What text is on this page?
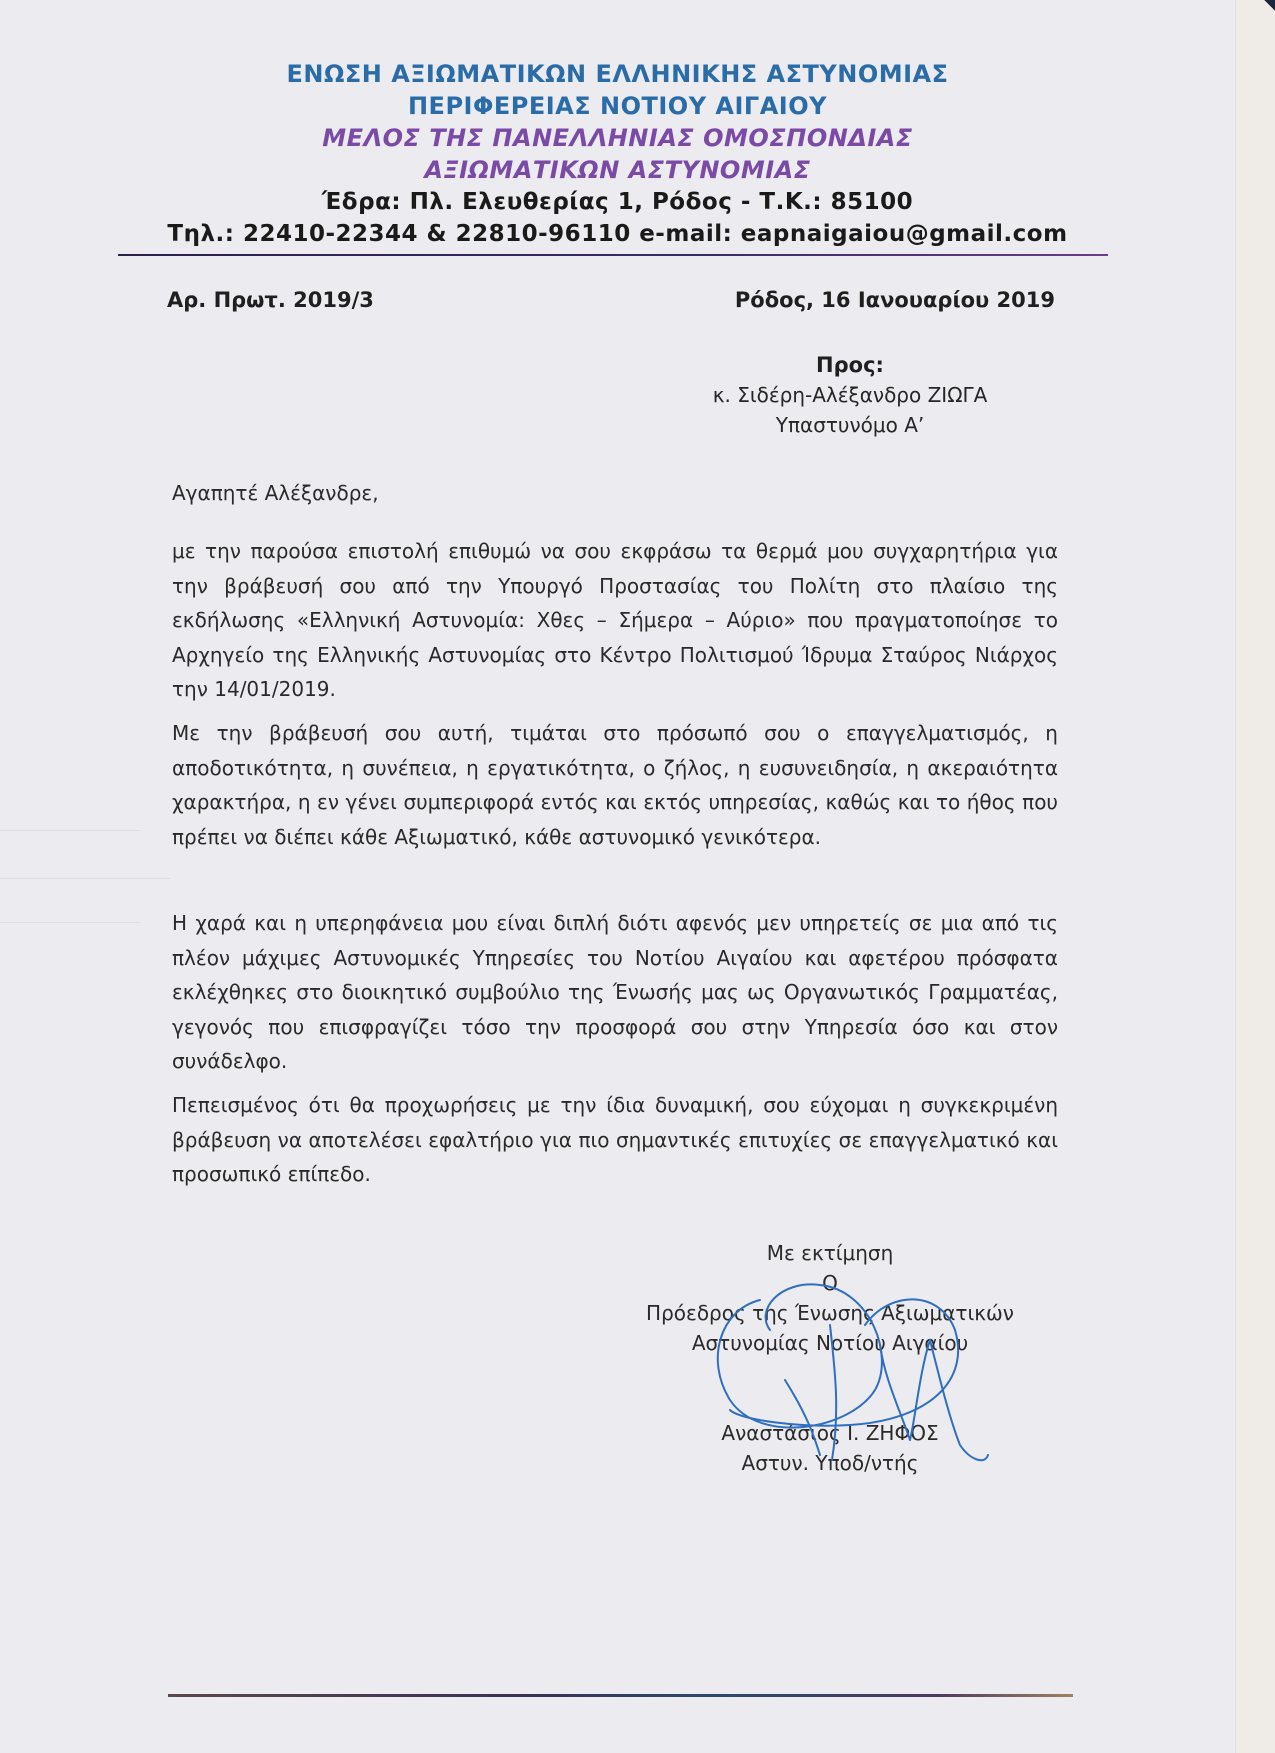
ΕΝΩΣΗ ΑΞΙΩΜΑΤΙΚΩΝ ΕΛΛΗΝΙΚΗΣ ΑΣΤΥΝΟΜΙΑΣ
ΠΕΡΙΦΕΡΕΙΑΣ ΝΟΤΙΟΥ ΑΙΓΑΙΟΥ
ΜΕΛΟΣ ΤΗΣ ΠΑΝΕΛΛΗΝΙΑΣ ΟΜΟΣΠΟΝΔΙΑΣ
ΑΞΙΩΜΑΤΙΚΩΝ ΑΣΤΥΝΟΜΙΑΣ
Έδρα: Πλ. Ελευθερίας 1, Ρόδος - Τ.Κ.: 85100
Τηλ.: 22410-22344 & 22810-96110 e-mail: eapnaigaiou@gmail.com
Αρ. Πρωτ. 2019/3	Ρόδος, 16 Ιανουαρίου 2019
Προς:
κ. Σιδέρη-Αλέξανδρο ΖΙΩΓΑ
Υπαστυνόμο Α’
Αγαπητέ Αλέξανδρε,
με την παρούσα επιστολή επιθυμώ να σου εκφράσω τα θερμά μου συγχαρητήρια για την βράβευσή σου από την Υπουργό Προστασίας του Πολίτη στο πλαίσιο της εκδήλωσης «Ελληνική Αστυνομία: Χθες – Σήμερα – Αύριο» που πραγματοποίησε το Αρχηγείο της Ελληνικής Αστυνομίας στο Κέντρο Πολιτισμού Ίδρυμα Σταύρος Νιάρχος την 14/01/2019.
Με την βράβευσή σου αυτή, τιμάται στο πρόσωπό σου ο επαγγελματισμός, η αποδοτικότητα, η συνέπεια, η εργατικότητα, ο ζήλος, η ευσυνειδησία, η ακεραιότητα χαρακτήρα, η εν γένει συμπεριφορά εντός και εκτός υπηρεσίας, καθώς και το ήθος που πρέπει να διέπει κάθε Αξιωματικό, κάθε αστυνομικό γενικότερα.
Η χαρά και η υπερηφάνεια μου είναι διπλή διότι αφενός μεν υπηρετείς σε μια από τις πλέον μάχιμες Αστυνομικές Υπηρεσίες του Νοτίου Αιγαίου και αφετέρου πρόσφατα εκλέχθηκες στο διοικητικό συμβούλιο της Ένωσής μας ως Οργανωτικός Γραμματέας, γεγονός που επισφραγίζει τόσο την προσφορά σου στην Υπηρεσία όσο και στον συνάδελφο.
Πεπεισμένος ότι θα προχωρήσεις με την ίδια δυναμική, σου εύχομαι η συγκεκριμένη βράβευση να αποτελέσει εφαλτήριο για πιο σημαντικές επιτυχίες σε επαγγελματικό και προσωπικό επίπεδο.
Με εκτίμηση
Ο
Πρόεδρος της Ένωσης Αξιωματικών
Αστυνομίας Νοτίου Αιγαίου
Αναστάσιος Ι. ΖΗΦΟΣ
Αστυν. Υποδ/ντής
